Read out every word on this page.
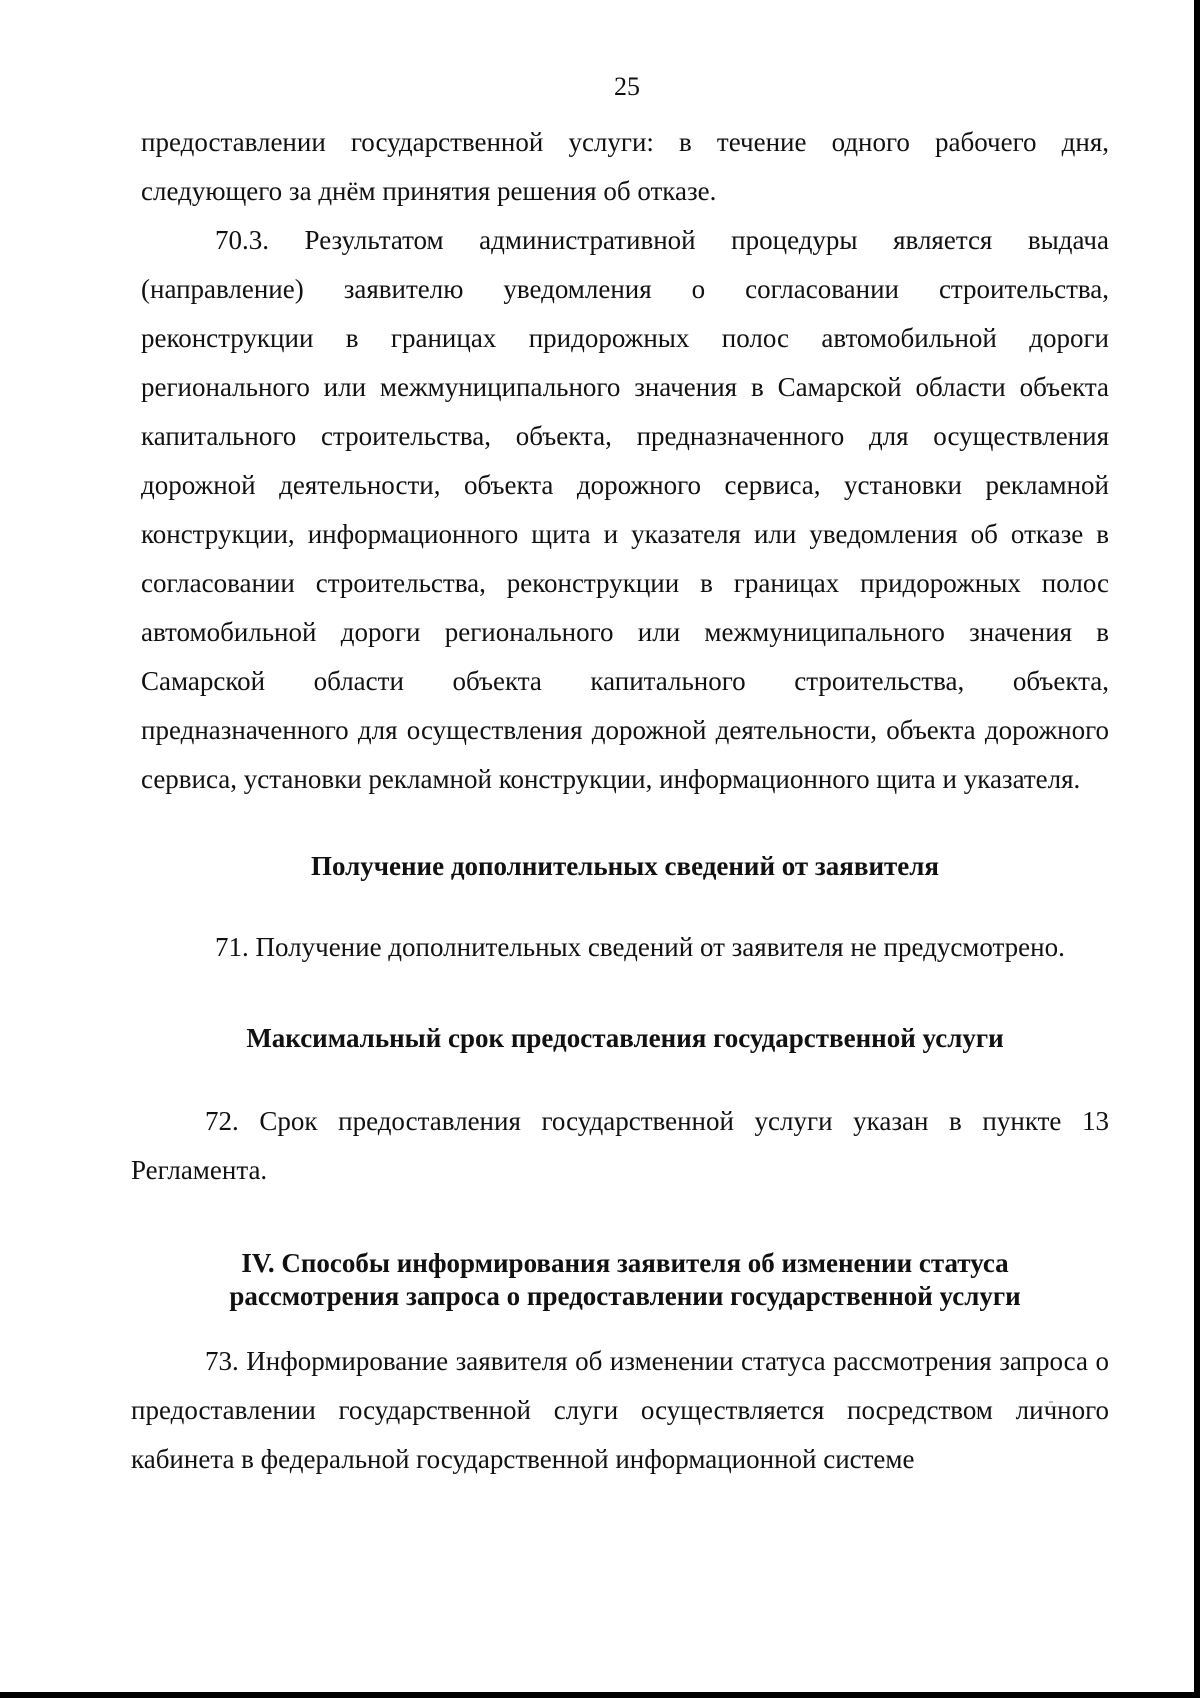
25

предоставлении государственной услуги: в течение одного рабочего дня, следующего за днём принятия решения об отказе.

70.3. Результатом административной процедуры является выдача (направление) заявителю уведомления о согласовании строительства, реконструкции в границах придорожных полос автомобильной дороги регионального или межмуниципального значения в Самарской области объекта капитального строительства, объекта, предназначенного для осуществления дорожной деятельности, объекта дорожного сервиса, установки рекламной конструкции, информационного щита и указателя или уведомления об отказе в согласовании строительства, реконструкции в границах придорожных полос автомобильной дороги регионального или межмуниципального значения в Самарской области объекта капитального строительства, объекта, предназначенного для осуществления дорожной деятельности, объекта дорожного сервиса, установки рекламной конструкции, информационного щита и указателя.

Получение дополнительных сведений от заявителя

71. Получение дополнительных сведений от заявителя не предусмотрено.

Максимальный срок предоставления государственной услуги

72. Срок предоставления государственной услуги указан в пункте 13 Регламента.

IV. Способы информирования заявителя об изменении статуса
рассмотрения запроса о предоставлении государственной услуги

73. Информирование заявителя об изменении статуса рассмотрения запроса о предоставлении государственной слуги осуществляется посредством личного кабинета в федеральной государственной информационной системе
